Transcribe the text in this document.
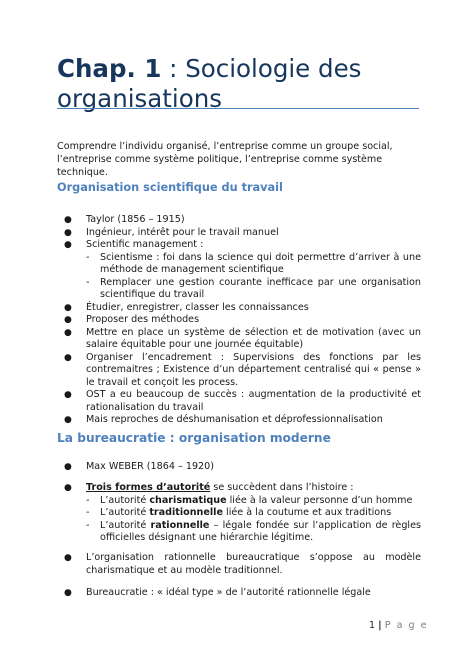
Chap. 1 : Sociologie des organisations

Comprendre l’individu organisé, l’entreprise comme un groupe social, l’entreprise comme système politique, l’entreprise comme système technique.

Organisation scientifique du travail
● Taylor (1856 – 1915)
● Ingénieur, intérêt pour le travail manuel
● Scientific management :
- Scientisme : foi dans la science qui doit permettre d’arriver à une méthode de management scientifique
- Remplacer une gestion courante inefficace par une organisation scientifique du travail
● Étudier, enregistrer, classer les connaissances
● Proposer des méthodes
● Mettre en place un système de sélection et de motivation (avec un salaire équitable pour une journée équitable)
● Organiser l’encadrement : Supervisions des fonctions par les contremaitres ; Existence d’un département centralisé qui « pense » le travail et conçoit les process.
● OST a eu beaucoup de succès : augmentation de la productivité et rationalisation du travail
● Mais reproches de déshumanisation et déprofessionnalisation
La bureaucratie : organisation moderne
● Max WEBER (1864 – 1920)
● Trois formes d’autorité se succèdent dans l’histoire :
- L’autorité charismatique liée à la valeur personne d’un homme
- L’autorité traditionnelle liée à la coutume et aux traditions
- L’autorité rationnelle – légale fondée sur l’application de règles officielles désignant une hiérarchie légitime.
● L’organisation rationnelle bureaucratique s’oppose au modèle charismatique et au modèle traditionnel.
● Bureaucratie : « idéal type » de l’autorité rationnelle légale
1 | P a g e
